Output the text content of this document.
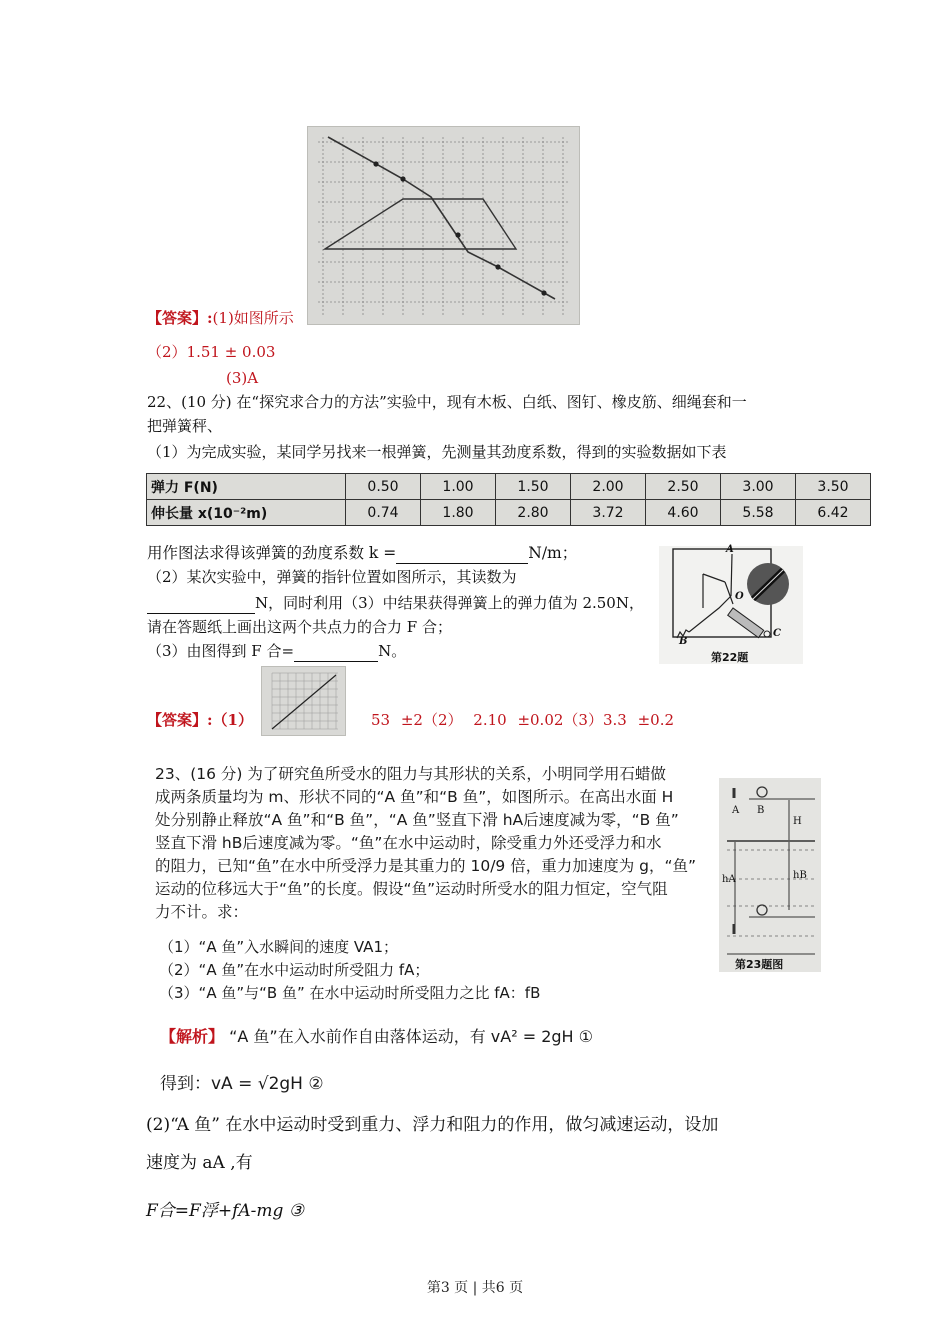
【答案】:(1)如图所示
（2）1.51 ± 0.03
(3)A
22、(10 分) 在“探究求合力的方法”实验中，现有木板、白纸、图钉、橡皮筋、细绳套和一
把弹簧秤、
（1）为完成实验，某同学另找来一根弹簧，先测量其劲度系数，得到的实验数据如下表
弹力 F(N)	0.50	1.00	1.50	2.00	2.50	3.00	3.50
伸长量 x(10⁻²m)	0.74	1.80	2.80	3.72	4.60	5.58	6.42
用作图法求得该弹簧的劲度系数 k =	N/m；
（2）某次实验中，弹簧的指针位置如图所示，其读数为
N，同时利用（3）中结果获得弹簧上的弹力值为 2.50N，
请在答题纸上画出这两个共点力的合力 F 合；
（3）由图得到 F 合=	N。
A
O
B
C
第22题
【答案】:（1）	53 ±2（2） 2.10 ±0.02（3）3.3 ±0.2
23、(16 分) 为了研究鱼所受水的阻力与其形状的关系，小明同学用石蜡做
成两条质量均为 m、形状不同的“A 鱼”和“B 鱼”，如图所示。在高出水面 H
处分别静止释放“A 鱼”和“B 鱼”，“A 鱼”竖直下滑 hA后速度减为零，“B 鱼”
竖直下滑 hB后速度减为零。“鱼”在水中运动时，除受重力外还受浮力和水
的阻力，已知“鱼”在水中所受浮力是其重力的 10/9 倍，重力加速度为 g，“鱼”
运动的位移远大于“鱼”的长度。假设“鱼”运动时所受水的阻力恒定，空气阻
力不计。求：
（1）“A 鱼”入水瞬间的速度 VA1；
（2）“A 鱼”在水中运动时所受阻力 fA；
（3）“A 鱼”与“B 鱼” 在水中运动时所受阻力之比 fA：fB
A B
H
hA	hB
第23题图
【解析】 “A 鱼”在入水前作自由落体运动，有 vA² = 2gH ①
得到：vA = √2gH ②
(2)“A 鱼” 在水中运动时受到重力、浮力和阻力的作用，做匀减速运动，设加
速度为 aA ,有
F合=F浮+fA-mg ③
第3 页 | 共6 页
